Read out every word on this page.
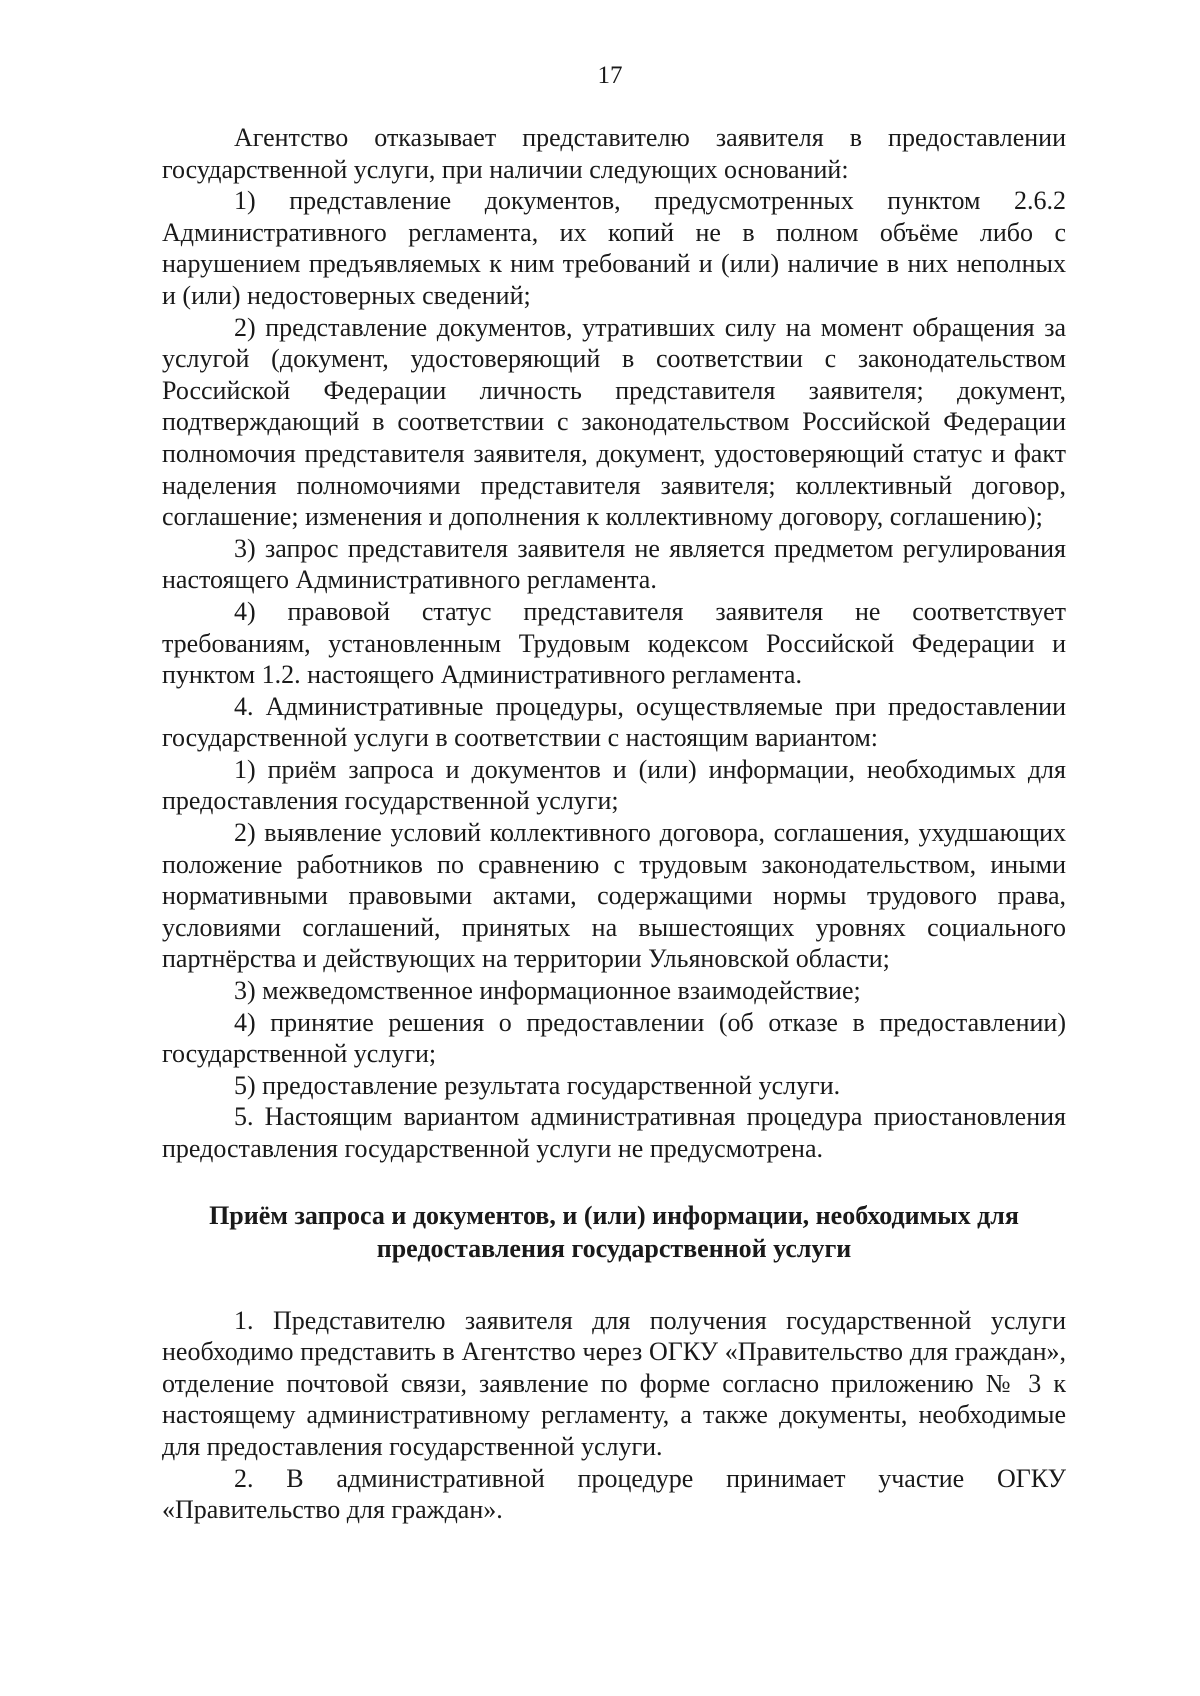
17

Агентство отказывает представителю заявителя в предоставлении государственной услуги, при наличии следующих оснований:

1) представление документов, предусмотренных пунктом 2.6.2 Административного регламента, их копий не в полном объёме либо с нарушением предъявляемых к ним требований и (или) наличие в них неполных и (или) недостоверных сведений;

2) представление документов, утративших силу на момент обращения за услугой (документ, удостоверяющий в соответствии с законодательством Российской Федерации личность представителя заявителя; документ, подтверждающий в соответствии с законодательством Российской Федерации полномочия представителя заявителя, документ, удостоверяющий статус и факт наделения полномочиями представителя заявителя; коллективный договор, соглашение; изменения и дополнения к коллективному договору, соглашению);

3) запрос представителя заявителя не является предметом регулирования настоящего Административного регламента.

4) правовой статус представителя заявителя не соответствует требованиям, установленным Трудовым кодексом Российской Федерации и пунктом 1.2. настоящего Административного регламента.

4. Административные процедуры, осуществляемые при предоставлении государственной услуги в соответствии с настоящим вариантом:

1) приём запроса и документов и (или) информации, необходимых для предоставления государственной услуги;

2) выявление условий коллективного договора, соглашения, ухудшающих положение работников по сравнению с трудовым законодательством, иными нормативными правовыми актами, содержащими нормы трудового права, условиями соглашений, принятых на вышестоящих уровнях социального партнёрства и действующих на территории Ульяновской области;

3) межведомственное информационное взаимодействие;

4) принятие решения о предоставлении (об отказе в предоставлении) государственной услуги;

5) предоставление результата государственной услуги.

5. Настоящим вариантом административная процедура приостановления предоставления государственной услуги не предусмотрена.

Приём запроса и документов, и (или) информации, необходимых для
предоставления государственной услуги

1. Представителю заявителя для получения государственной услуги необходимо представить в Агентство через ОГКУ «Правительство для граждан», отделение почтовой связи, заявление по форме согласно приложению № 3 к настоящему административному регламенту, а также документы, необходимые для предоставления государственной услуги.

2. В административной процедуре принимает участие ОГКУ «Правительство для граждан».
